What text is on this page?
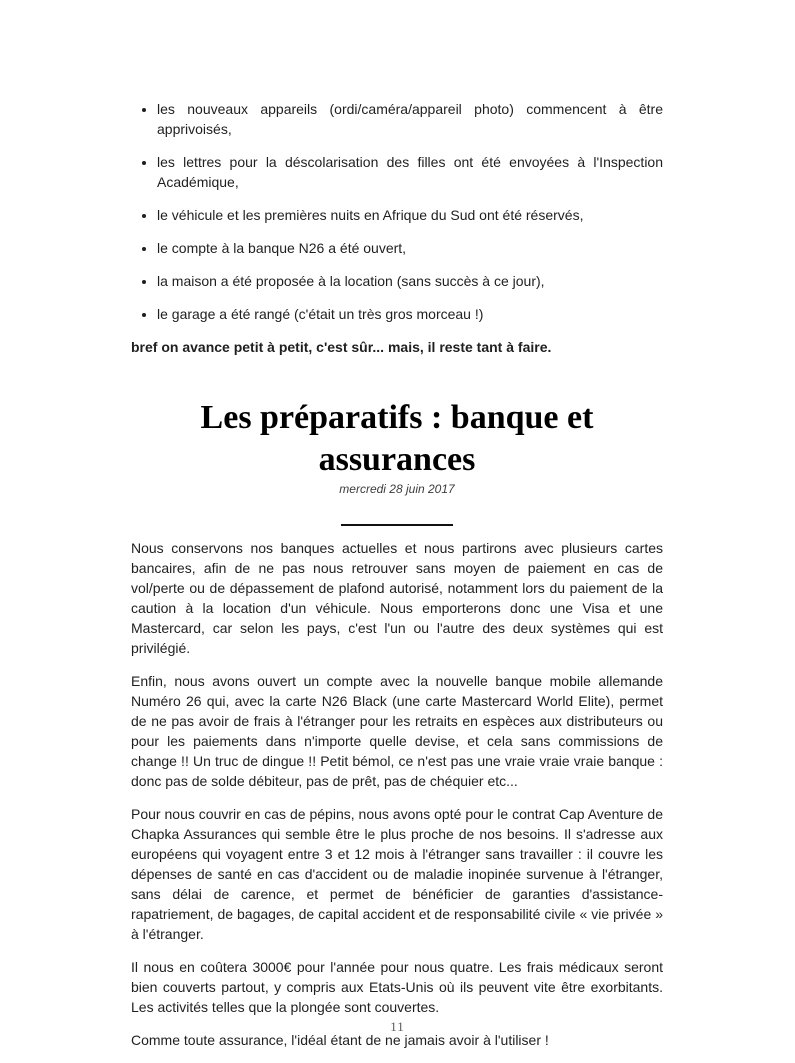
• les nouveaux appareils (ordi/caméra/appareil photo) commencent à être apprivoisés,
• les lettres pour la déscolarisation des filles ont été envoyées à l'Inspection Académique,
• le véhicule et les premières nuits en Afrique du Sud ont été réservés,
• le compte à la banque N26 a été ouvert,
• la maison a été proposée à la location (sans succès à ce jour),
• le garage a été rangé (c'était un très gros morceau !)

bref on avance petit à petit, c'est sûr... mais, il reste tant à faire.

Les préparatifs : banque et assurances
mercredi 28 juin 2017

Nous conservons nos banques actuelles et nous partirons avec plusieurs cartes bancaires, afin de ne pas nous retrouver sans moyen de paiement en cas de vol/perte ou de dépassement de plafond autorisé, notamment lors du paiement de la caution à la location d'un véhicule. Nous emporterons donc une Visa et une Mastercard, car selon les pays, c'est l'un ou l'autre des deux systèmes qui est privilégié.

Enfin, nous avons ouvert un compte avec la nouvelle banque mobile allemande Numéro 26 qui, avec la carte N26 Black (une carte Mastercard World Elite), permet de ne pas avoir de frais à l'étranger pour les retraits en espèces aux distributeurs ou pour les paiements dans n'importe quelle devise, et cela sans commissions de change !! Un truc de dingue !! Petit bémol, ce n'est pas une vraie vraie vraie banque : donc pas de solde débiteur, pas de prêt, pas de chéquier etc...

Pour nous couvrir en cas de pépins, nous avons opté pour le contrat Cap Aventure de Chapka Assurances qui semble être le plus proche de nos besoins. Il s'adresse aux européens qui voyagent entre 3 et 12 mois à l'étranger sans travailler : il couvre les dépenses de santé en cas d'accident ou de maladie inopinée survenue à l'étranger, sans délai de carence, et permet de bénéficier de garanties d'assistance-rapatriement, de bagages, de capital accident et de responsabilité civile « vie privée » à l'étranger.

Il nous en coûtera 3000€ pour l'année pour nous quatre. Les frais médicaux seront bien couverts partout, y compris aux Etats-Unis où ils peuvent vite être exorbitants. Les activités telles que la plongée sont couvertes.

Comme toute assurance, l'idéal étant de ne jamais avoir à l'utiliser !

11
